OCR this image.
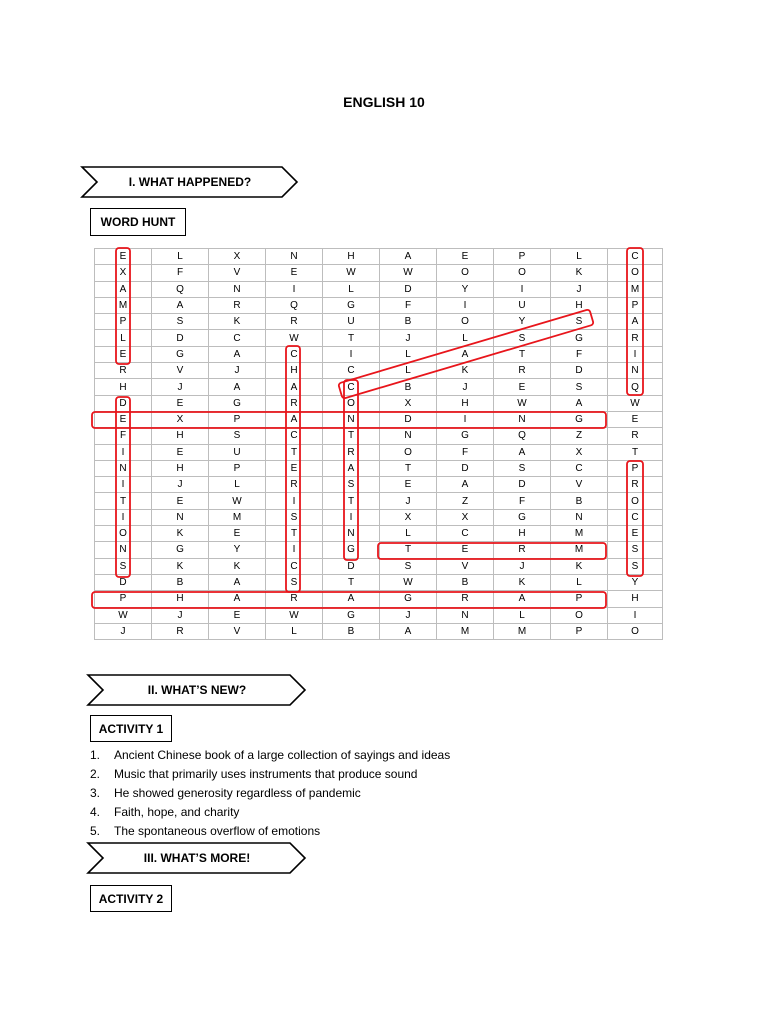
ENGLISH 10
I. WHAT HAPPENED?
WORD HUNT
E	L	X	N	H	A	E	P	L	C
X	F	V	E	W	W	O	O	K	O
A	Q	N	I	L	D	Y	I	J	M
M	A	R	Q	G	F	I	U	H	P
P	S	K	R	U	B	O	Y	S	A
L	D	C	W	T	J	L	S	G	R
E	G	A	C	I	L	A	T	F	I
R	V	J	H	C	L	K	R	D	N
H	J	A	A	C	B	J	E	S	Q
D	E	G	R	O	X	H	W	A	W
E	X	P	A	N	D	I	N	G	E
F	H	S	C	T	N	G	Q	Z	R
I	E	U	T	R	O	F	A	X	T
N	H	P	E	A	T	D	S	C	P
I	J	L	R	S	E	A	D	V	R
T	E	W	I	T	J	Z	F	B	O
I	N	M	S	I	X	X	G	N	C
O	K	E	T	N	L	C	H	M	E
N	G	Y	I	G	T	E	R	M	S
S	K	K	C	D	S	V	J	K	S
D	B	A	S	T	W	B	K	L	Y
P	H	A	R	A	G	R	A	P	H
W	J	E	W	G	J	N	L	O	I
J	R	V	L	B	A	M	M	P	O
II. WHAT’S NEW?
ACTIVITY 1
1. Ancient Chinese book of a large collection of sayings and ideas
2. Music that primarily uses instruments that produce sound
3. He showed generosity regardless of pandemic
4. Faith, hope, and charity
5. The spontaneous overflow of emotions
III. WHAT’S MORE!
ACTIVITY 2
